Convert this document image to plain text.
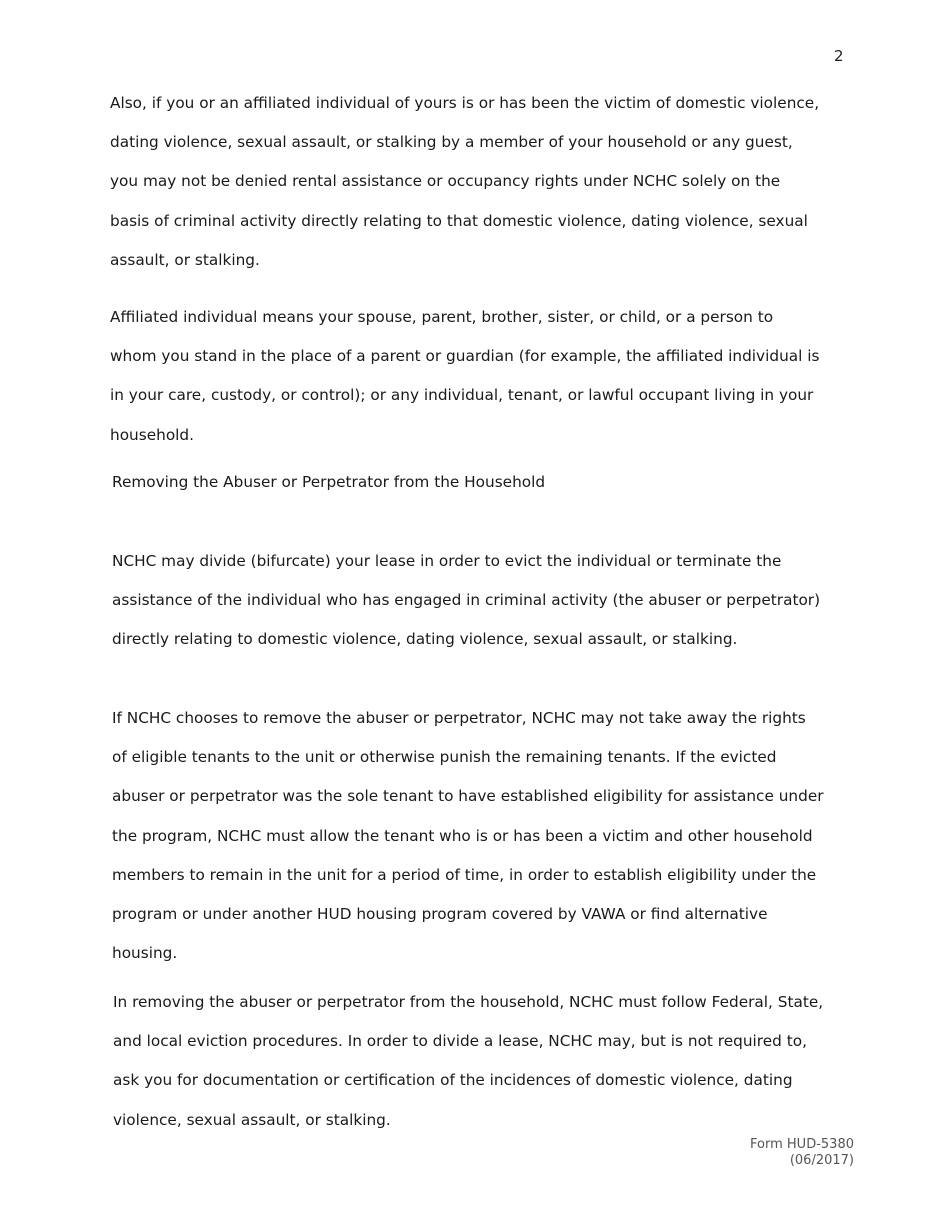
2

Also, if you or an affiliated individual of yours is or has been the victim of domestic violence, dating violence, sexual assault, or stalking by a member of your household or any guest, you may not be denied rental assistance or occupancy rights under NCHC solely on the basis of criminal activity directly relating to that domestic violence, dating violence, sexual assault, or stalking.

Affiliated individual means your spouse, parent, brother, sister, or child, or a person to whom you stand in the place of a parent or guardian (for example, the affiliated individual is in your care, custody, or control); or any individual, tenant, or lawful occupant living in your household.

Removing the Abuser or Perpetrator from the Household

NCHC may divide (bifurcate) your lease in order to evict the individual or terminate the assistance of the individual who has engaged in criminal activity (the abuser or perpetrator) directly relating to domestic violence, dating violence, sexual assault, or stalking.

If NCHC chooses to remove the abuser or perpetrator, NCHC may not take away the rights of eligible tenants to the unit or otherwise punish the remaining tenants. If the evicted abuser or perpetrator was the sole tenant to have established eligibility for assistance under the program, NCHC must allow the tenant who is or has been a victim and other household members to remain in the unit for a period of time, in order to establish eligibility under the program or under another HUD housing program covered by VAWA or find alternative housing.

In removing the abuser or perpetrator from the household, NCHC must follow Federal, State, and local eviction procedures. In order to divide a lease, NCHC may, but is not required to, ask you for documentation or certification of the incidences of domestic violence, dating violence, sexual assault, or stalking.

Form HUD-5380
(06/2017)
